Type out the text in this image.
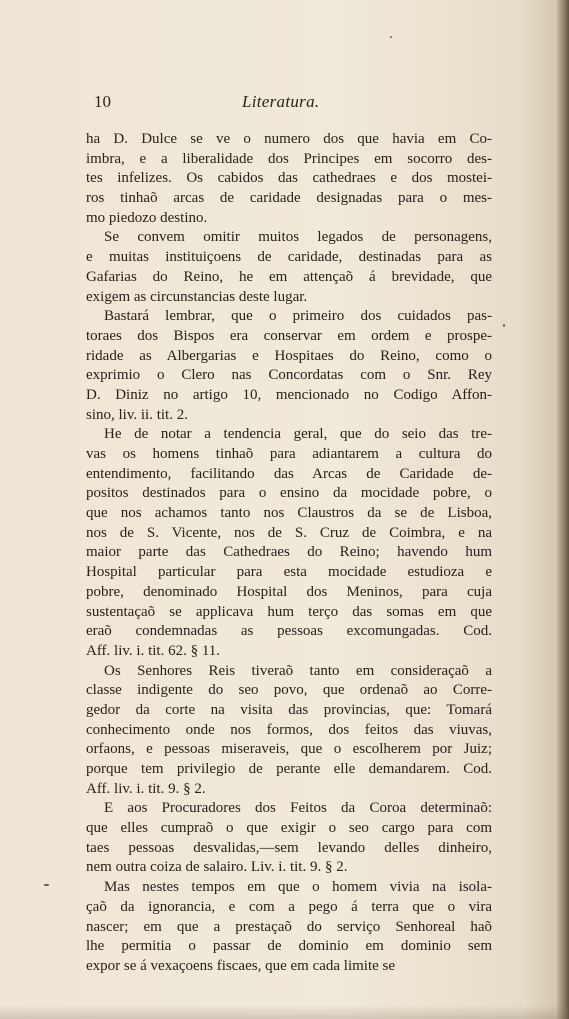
10	Literatura.
ha D. Dulce se ve o numero dos que havia em Co-
imbra, e a liberalidade dos Principes em socorro des-
tes infelizes. Os cabidos das cathedraes e dos mostei-
ros tinhaõ arcas de caridade designadas para o mes-
mo piedozo destino.
Se convem omitir muitos legados de personagens,
e muitas instituiçoens de caridade, destinadas para as
Gafarias do Reino, he em attençaõ á brevidade, que
exigem as circunstancias deste lugar.
Bastará lembrar, que o primeiro dos cuidados pas-
toraes dos Bispos era conservar em ordem e prospe-
ridade as Albergarias e Hospitaes do Reino, como o
exprimio o Clero nas Concordatas com o Snr. Rey
D. Diniz no artigo 10, mencionado no Codigo Affon-
sino, liv. ii. tit. 2.
He de notar a tendencia geral, que do seio das tre-
vas os homens tinhaõ para adiantarem a cultura do
entendimento, facilitando das Arcas de Caridade de-
positos destinados para o ensino da mocidade pobre, o
que nos achamos tanto nos Claustros da se de Lisboa,
nos de S. Vicente, nos de S. Cruz de Coimbra, e na
maior parte das Cathedraes do Reino; havendo hum
Hospital particular para esta mocidade estudioza e
pobre, denominado Hospital dos Meninos, para cuja
sustentaçaõ se applicava hum terço das somas em que
eraõ condemnadas as pessoas excomungadas. Cod.
Aff. liv. i. tit. 62. § 11.
Os Senhores Reis tiveraõ tanto em consideraçaõ a
classe indigente do seo povo, que ordenaõ ao Corre-
gedor da corte na visita das provincias, que: Tomará
conhecimento onde nos formos, dos feitos das viuvas,
orfaons, e pessoas miseraveis, que o escolherem por Juiz;
porque tem privilegio de perante elle demandarem. Cod.
Aff. liv. i. tit. 9. § 2.
E aos Procuradores dos Feitos da Coroa determinaõ:
que elles cumpraõ o que exigir o seo cargo para com
taes pessoas desvalidas,—sem levando delles dinheiro,
nem outra coiza de salairo. Liv. i. tit. 9. § 2.
Mas nestes tempos em que o homem vivia na isola-
çaõ da ignorancia, e com a pego á terra que o vira
nascer; em que a prestaçaõ do serviço Senhoreal haõ
lhe permitia o passar de dominio em dominio sem
expor se á vexaçoens fiscaes, que em cada limite se
